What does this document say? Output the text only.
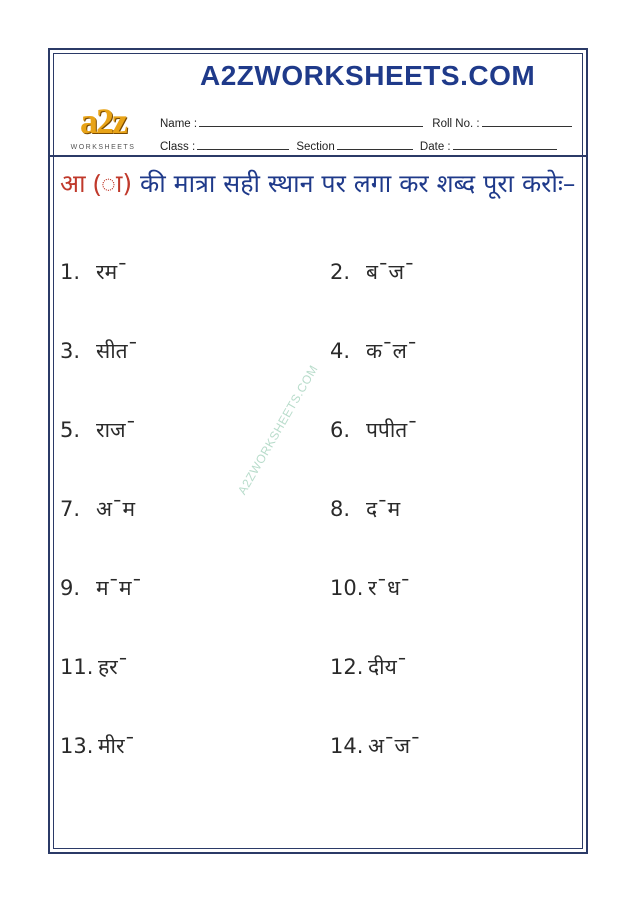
A2ZWORKSHEETS.COM
a2z
WORKSHEETS
Name :	Roll No. :
Class :	Section	Date :
आ (ा) की मात्रा सही स्थान पर लगा कर शब्द पूरा करोः–
A2ZWORKSHEETS.COM
1. रम¯	2. ब¯ज¯
3. सीत¯	4. क¯ल¯
5. राज¯	6. पपीत¯
7. अ¯म	8. द¯म
9. म¯म¯	10. र¯ध¯
11. हर¯	12. दीय¯
13. मीर¯	14. अ¯ज¯
